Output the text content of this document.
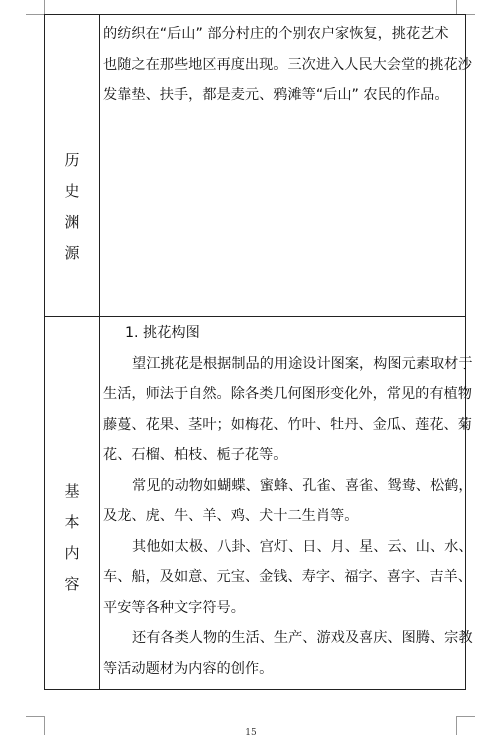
历
史
渊
源
的纺织在“后山” 部分村庄的个别农户家恢复，挑花艺术
也随之在那些地区再度出现。三次进入人民大会堂的挑花沙
发靠垫、扶手，都是麦元、鸦滩等“后山” 农民的作品。
基
本
内
容
1. 挑花构图
望江挑花是根据制品的用途设计图案，构图元素取材于
生活，师法于自然。除各类几何图形变化外，常见的有植物
藤蔓、花果、茎叶；如梅花、竹叶、牡丹、金瓜、莲花、菊
花、石榴、柏枝、栀子花等。
常见的动物如蝴蝶、蜜蜂、孔雀、喜雀、鸳鸯、松鹤，
及龙、虎、牛、羊、鸡、犬十二生肖等。
其他如太极、八卦、宫灯、日、月、星、云、山、水、
车、船，及如意、元宝、金钱、寿字、福字、喜字、吉羊、
平安等各种文字符号。
还有各类人物的生活、生产、游戏及喜庆、图腾、宗教
等活动题材为内容的创作。
15
